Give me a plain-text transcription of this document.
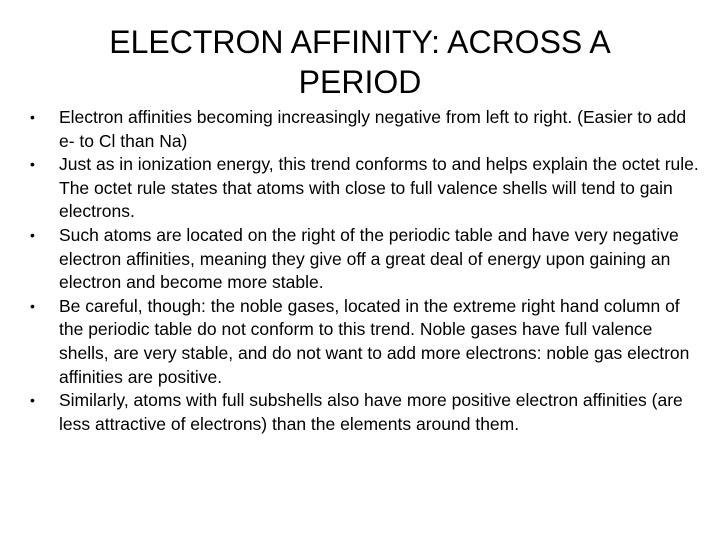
ELECTRON AFFINITY: ACROSS A PERIOD
•	Electron affinities becoming increasingly negative from left to right. (Easier to add e- to Cl than Na)
•	Just as in ionization energy, this trend conforms to and helps explain the octet rule. The octet rule states that atoms with close to full valence shells will tend to gain electrons.
•	Such atoms are located on the right of the periodic table and have very negative electron affinities, meaning they give off a great deal of energy upon gaining an electron and become more stable.
•	Be careful, though: the noble gases, located in the extreme right hand column of the periodic table do not conform to this trend. Noble gases have full valence shells, are very stable, and do not want to add more electrons: noble gas electron affinities are positive.
•	Similarly, atoms with full subshells also have more positive electron affinities (are less attractive of electrons) than the elements around them.
